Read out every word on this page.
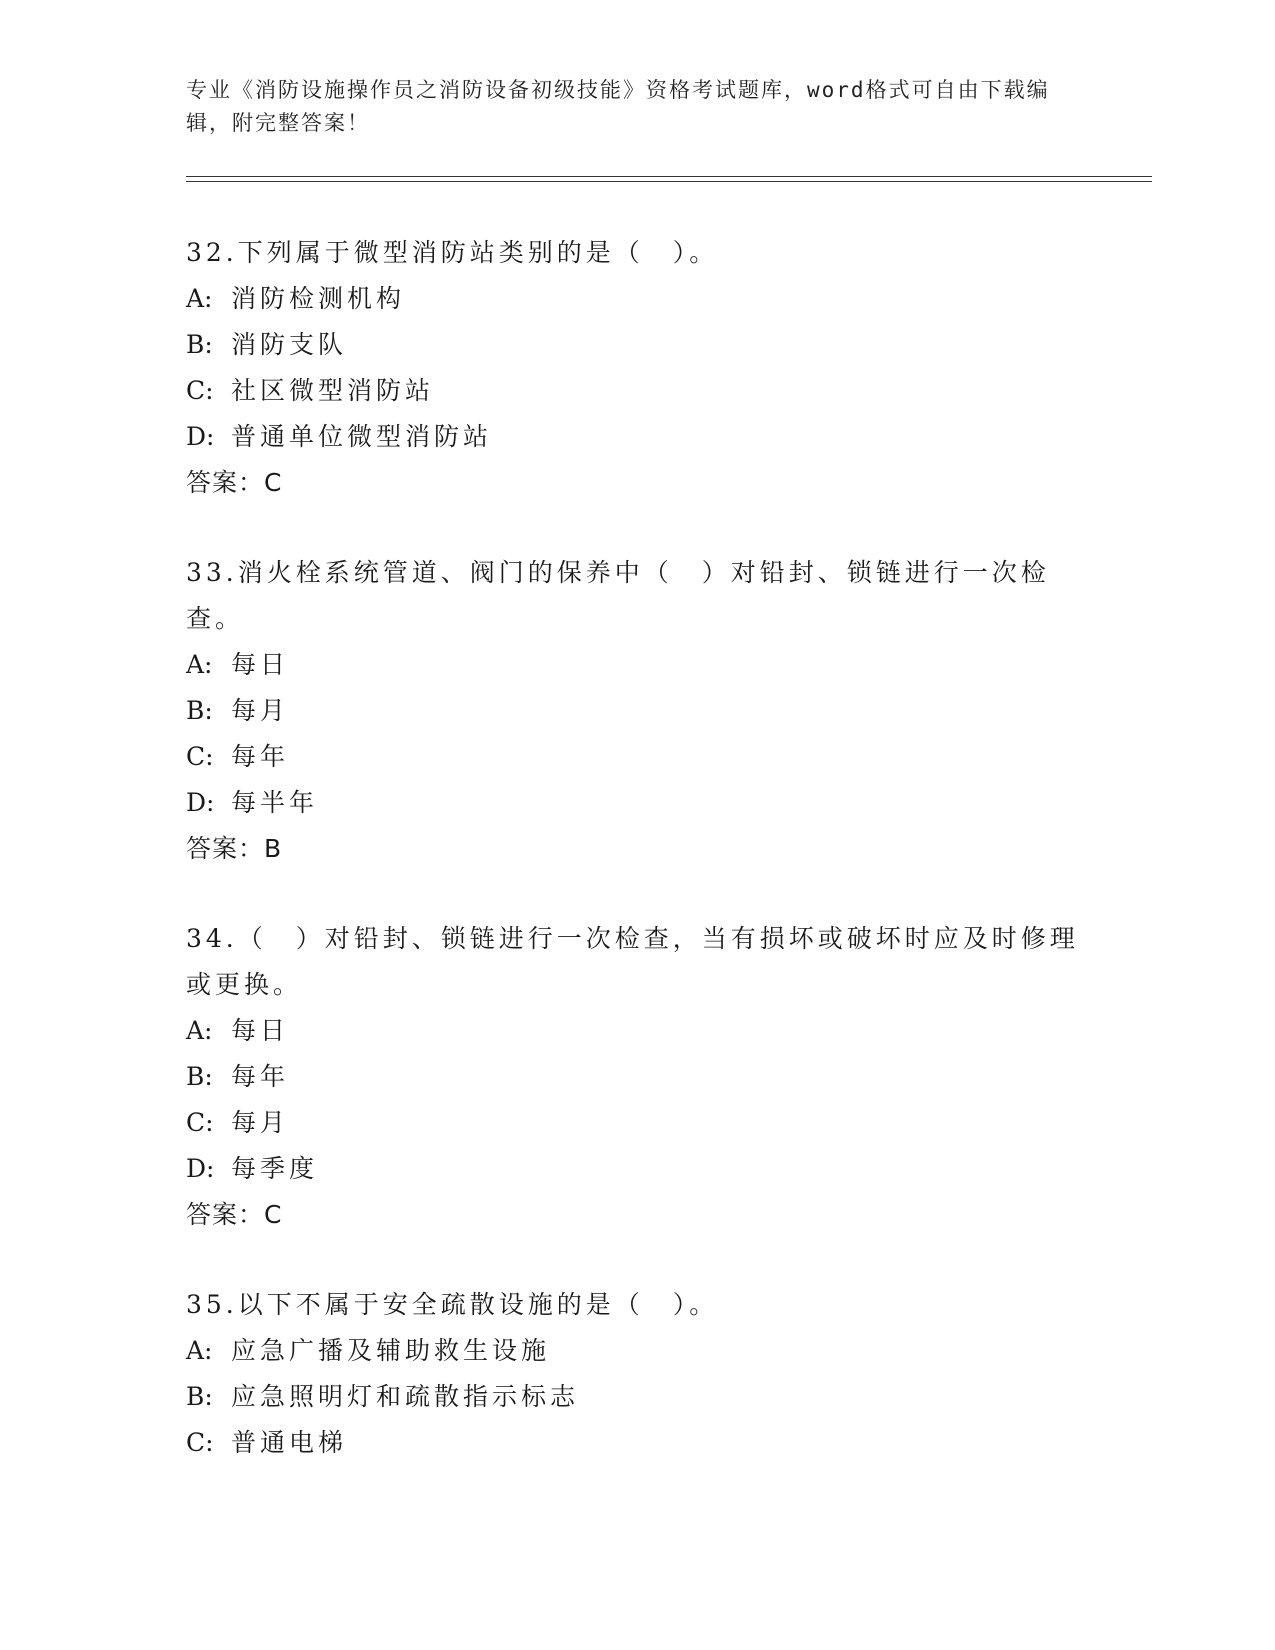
专业《消防设施操作员之消防设备初级技能》资格考试题库，word格式可自由下载编辑，附完整答案！

32.下列属于微型消防站类别的是（　）。

A: 消防检测机构

B: 消防支队

C: 社区微型消防站

D: 普通单位微型消防站

答案：C

33.消火栓系统管道、阀门的保养中（　）对铅封、锁链进行一次检查。

A: 每日

B: 每月

C: 每年

D: 每半年

答案：B

34.（　）对铅封、锁链进行一次检查，当有损坏或破坏时应及时修理或更换。

A: 每日

B: 每年

C: 每月

D: 每季度

答案：C

35.以下不属于安全疏散设施的是（　）。

A: 应急广播及辅助救生设施

B: 应急照明灯和疏散指示标志

C: 普通电梯
